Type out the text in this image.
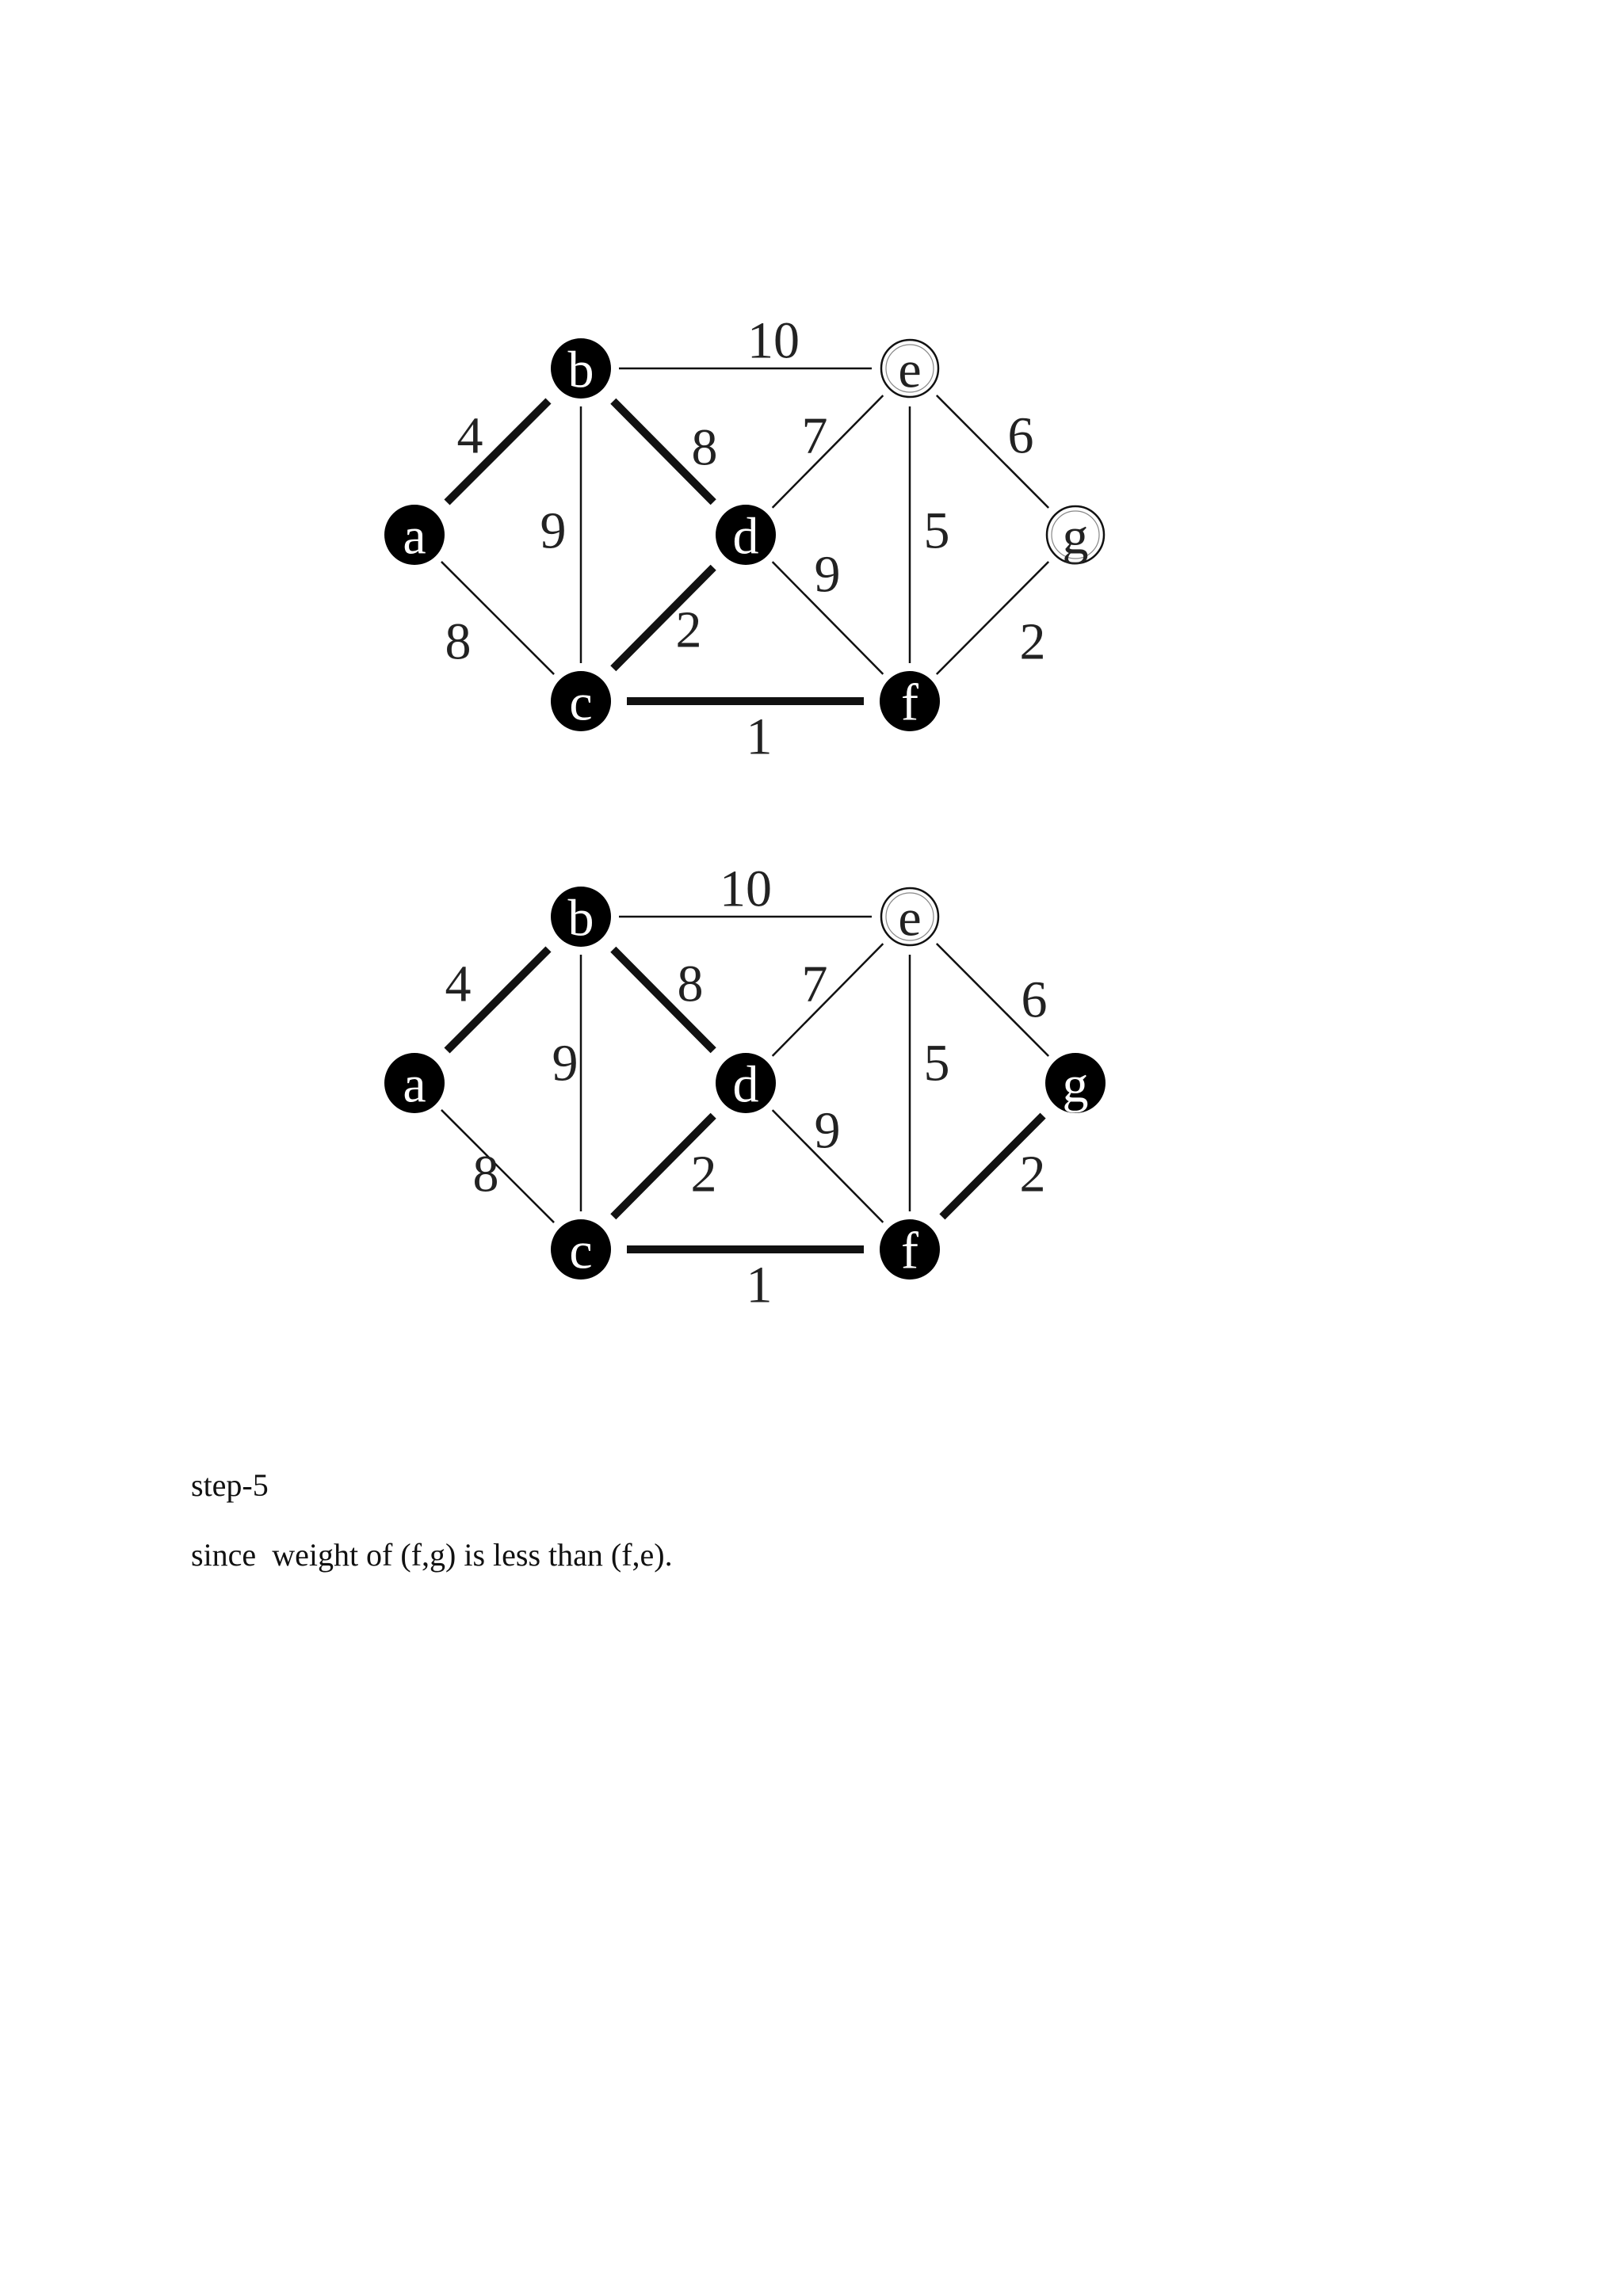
4
8
9
8
10
2
1
7
9
5
6
2
a
b
c
d
e
f
g
4
8
9
8
10
2
1
7
9
5
6
2
a
b
c
d
e
f
g
step-5
since  weight of (f,g) is less than (f,e).
